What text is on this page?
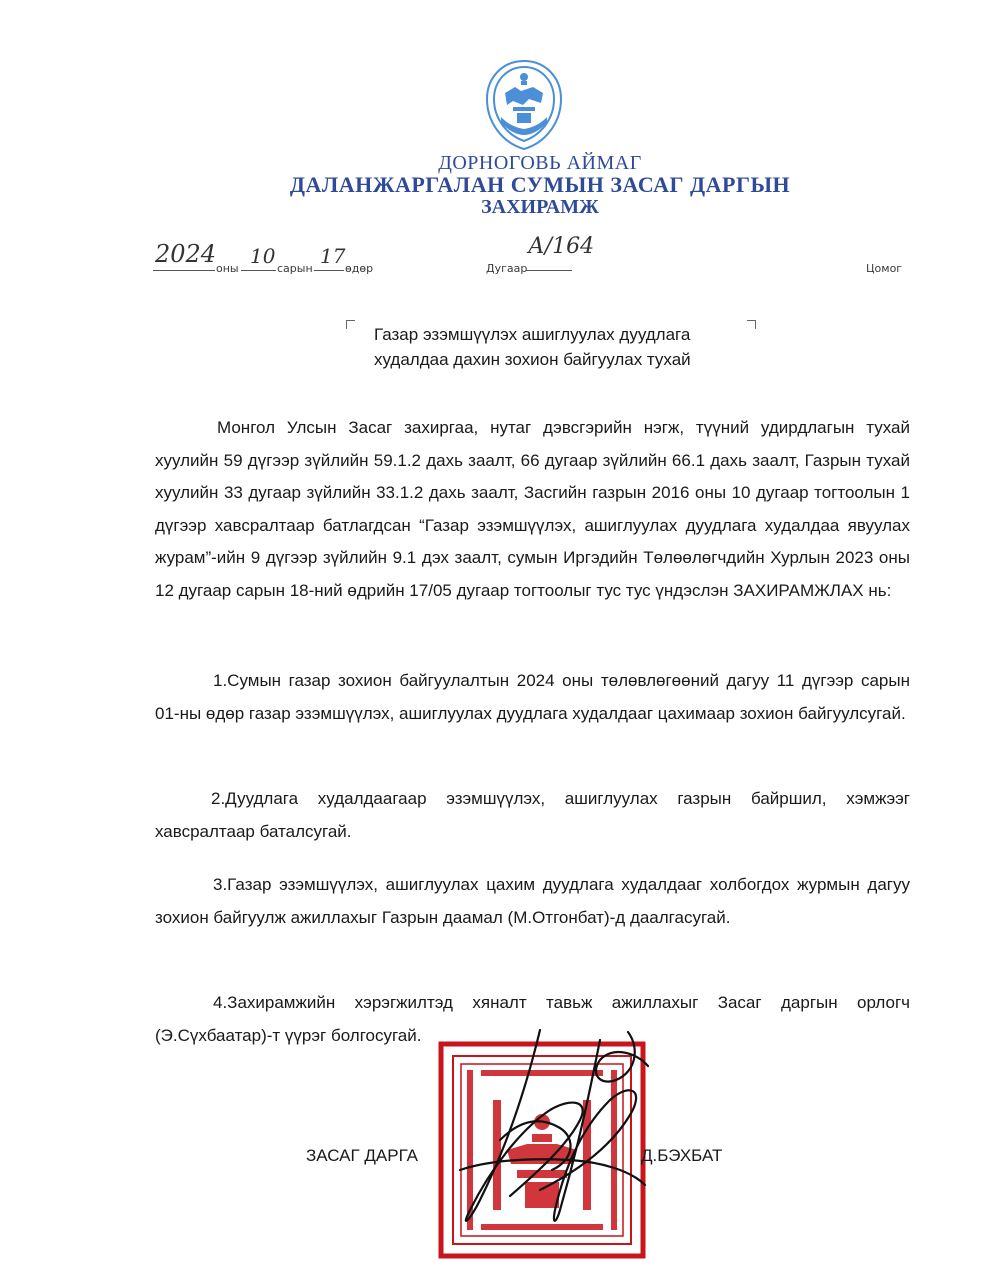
ДОРНОГОВЬ АЙМАГ
ДАЛАНЖАРГАЛАН СУМЫН ЗАСАГ ДАРГЫН
ЗАХИРАМЖ
2024
оны
10
сарын
17
өдөр	Дугаар
А/164
Цомог
Газар эзэмшүүлэх ашиглуулах дуудлага
худалдаа дахин зохион байгуулах тухай
Монгол Улсын Засаг захиргаа, нутаг дэвсгэрийн нэгж, түүний удирдлагын тухай хуулийн 59 дүгээр зүйлийн 59.1.2 дахь заалт, 66 дугаар зүйлийн 66.1 дахь заалт, Газрын тухай хуулийн 33 дугаар зүйлийн 33.1.2 дахь заалт, Засгийн газрын 2016 оны 10 дугаар тогтоолын 1 дүгээр хавсралтаар батлагдсан “Газар эзэмшүүлэх, ашиглуулах дуудлага худалдаа явуулах журам”-ийн 9 дүгээр зүйлийн 9.1 дэх заалт, сумын Иргэдийн Төлөөлөгчдийн Хурлын 2023 оны 12 дугаар сарын 18-ний өдрийн 17/05 дугаар тогтоолыг тус тус үндэслэн ЗАХИРАМЖЛАХ нь:
1.Сумын газар зохион байгуулалтын 2024 оны төлөвлөгөөний дагуу 11 дүгээр сарын 01-ны өдөр газар эзэмшүүлэх, ашиглуулах дуудлага худалдааг цахимаар зохион байгуулсугай.
2.Дуудлага худалдаагаар эзэмшүүлэх, ашиглуулах газрын байршил, хэмжээг хавсралтаар баталсугай.
3.Газар эзэмшүүлэх, ашиглуулах цахим дуудлага худалдааг холбогдох журмын дагуу зохион байгуулж ажиллахыг Газрын даамал (М.Отгонбат)-д даалгасугай.
4.Захирамжийн хэрэгжилтэд хяналт тавьж ажиллахыг Засаг даргын орлогч (Э.Сүхбаатар)-т үүрэг болгосугай.
ЗАСАГ ДАРГА	Д.БЭХБАТ
